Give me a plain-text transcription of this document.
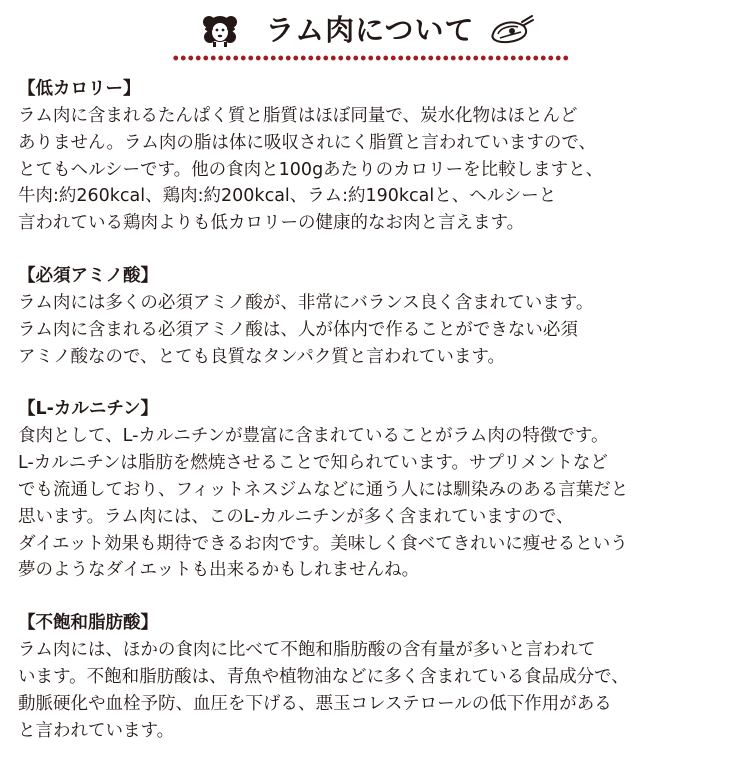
ラム肉について
【低カロリー】

ラム肉に含まれるたんぱく質と脂質はほぼ同量で、炭水化物はほとんど

ありません。ラム肉の脂は体に吸収されにく脂質と言われていますので、

とてもヘルシーです。他の食肉と100gあたりのカロリーを比較しますと、

牛肉:約260kcal、鶏肉:約200kcal、ラム:約190kcalと、ヘルシーと

言われている鶏肉よりも低カロリーの健康的なお肉と言えます。

【必須アミノ酸】

ラム肉には多くの必須アミノ酸が、非常にバランス良く含まれています。

ラム肉に含まれる必須アミノ酸は、人が体内で作ることができない必須

アミノ酸なので、とても良質なタンパク質と言われています。

【L-カルニチン】

食肉として、L-カルニチンが豊富に含まれていることがラム肉の特徴です。

L-カルニチンは脂肪を燃焼させることで知られています。サプリメントなど

でも流通しており、フィットネスジムなどに通う人には馴染みのある言葉だと

思います。ラム肉には、このL-カルニチンが多く含まれていますので、

ダイエット効果も期待できるお肉です。美味しく食べてきれいに痩せるという

夢のようなダイエットも出来るかもしれませんね。

【不飽和脂肪酸】

ラム肉には、ほかの食肉に比べて不飽和脂肪酸の含有量が多いと言われて

います。不飽和脂肪酸は、青魚や植物油などに多く含まれている食品成分で、

動脈硬化や血栓予防、血圧を下げる、悪玉コレステロールの低下作用がある

と言われています。
